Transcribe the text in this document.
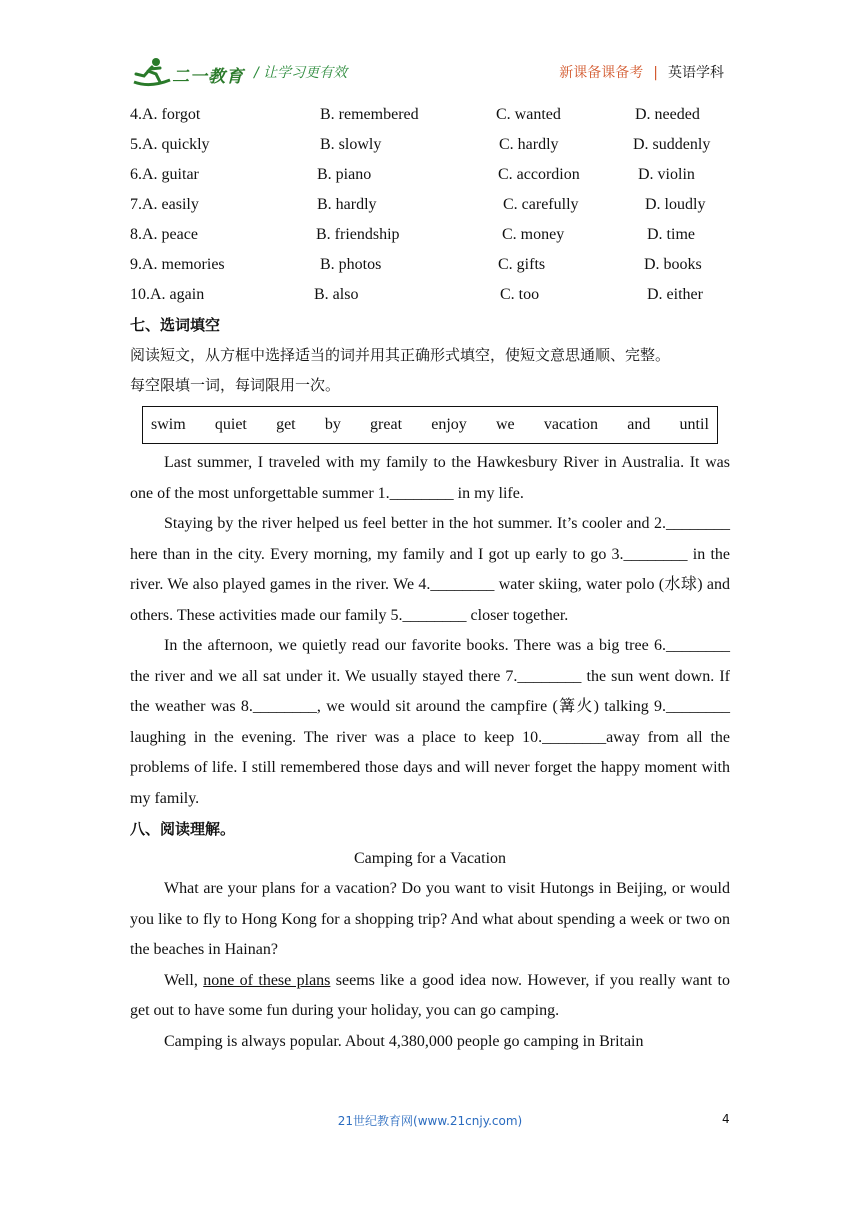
二一教育 / 让学习更有效	新课备课备考 | 英语学科
4.A. forgot	B. remembered	C. wanted	D. needed
5.A. quickly	B. slowly	C. hardly	D. suddenly
6.A. guitar	B. piano	C. accordion	D. violin
7.A. easily	B. hardly	C. carefully	D. loudly
8.A. peace	B. friendship	C. money	D. time
9.A. memories	B. photos	C. gifts	D. books
10.A. again	B. also	C. too	D. either
七、选词填空
阅读短文，从方框中选择适当的词并用其正确形式填空，使短文意思通顺、完整。
每空限填一词，每词限用一次。
swim quiet get by great enjoy we vacation and until

Last summer, I traveled with my family to the Hawkesbury River in Australia. It was one of the most unforgettable summer 1.________ in my life.

Staying by the river helped us feel better in the hot summer. It’s cooler and 2.________ here than in the city. Every morning, my family and I got up early to go 3.________ in the river. We also played games in the river. We 4.________ water skiing, water polo (水球) and others. These activities made our family 5.________ closer together.

In the afternoon, we quietly read our favorite books. There was a big tree 6.________ the river and we all sat under it. We usually stayed there 7.________ the sun went down. If the weather was 8.________, we would sit around the campfire (篝火) talking 9.________ laughing in the evening. The river was a place to keep 10.________away from all the problems of life. I still remembered those days and will never forget the happy moment with my family.

八、阅读理解。
Camping for a Vacation

What are your plans for a vacation? Do you want to visit Hutongs in Beijing, or would you like to fly to Hong Kong for a shopping trip? And what about spending a week or two on the beaches in Hainan?

Well, none of these plans seems like a good idea now. However, if you really want to get out to have some fun during your holiday, you can go camping.

Camping is always popular. About 4,380,000 people go camping in Britain

21世纪教育网(www.21cnjy.com)	4
